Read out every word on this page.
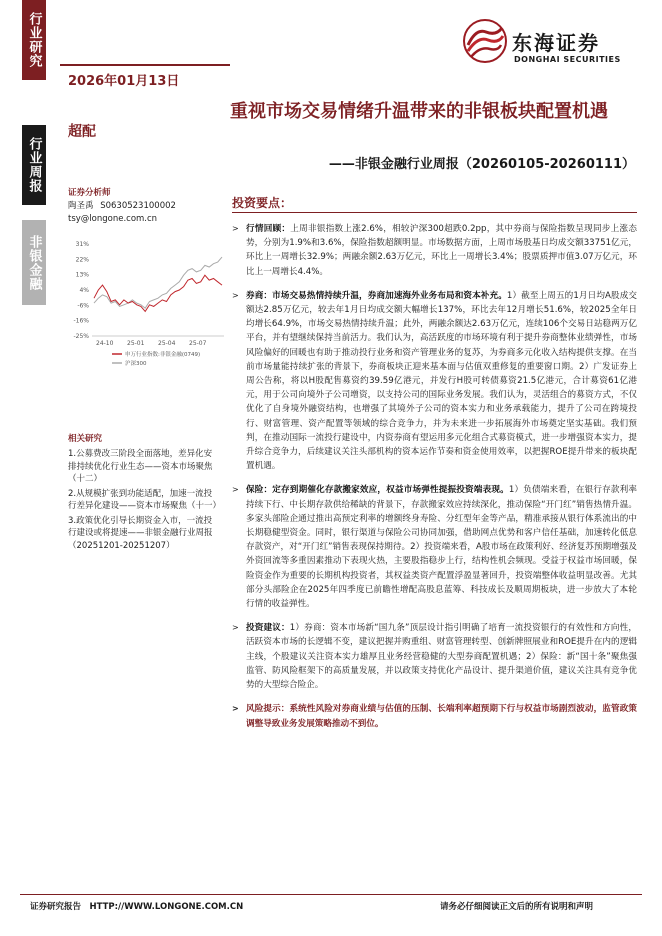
行业研究
行业周报
非银金融
东海证券
DONGHAI SECURITIES
2026年01月13日
超配
重视市场交易情绪升温带来的非银板块配置机遇
——非银金融行业周报（20260105-20260111）
证券分析师
陶圣禹 S0630523100002
tsy@longone.com.cn
31%
22%
13%
4%
-6%
-16%
-25%
24-10 25-01 25-04 25-07
申万行业指数:非银金融(0749)
沪深300
相关研究
1.公募费改三阶段全面落地，差异化安排持续优化行业生态——资本市场聚焦（十二）
2.从规模扩张到功能适配，加速一流投行差异化建设——资本市场聚焦（十一）
3.政策优化引导长期资金入市，一流投行建设或将提速——非银金融行业周报（20251201-20251207）
投资要点：
> 行情回顾：上周非银指数上涨2.6%，相较沪深300超跌0.2pp，其中券商与保险指数呈现同步上涨态势，分别为1.9%和3.6%，保险指数超额明显。市场数据方面，上周市场股基日均成交额33751亿元，环比上一周增长32.9%；两融余额2.63万亿元，环比上一周增长3.4%；股票质押市值3.07万亿元，环比上一周增长4.4%。
> 券商：市场交易热情持续升温，券商加速海外业务布局和资本补充。1）截至上周五的1月日均A股成交额达2.85万亿元，较去年1月日均成交额大幅增长137%，环比去年12月增长51.6%，较2025全年日均增长64.9%，市场交易热情持续升温；此外，两融余额达2.63万亿元，连续106个交易日站稳两万亿平台，并有望继续保持当前活力。我们认为，高活跃度的市场环境有利于提升券商整体业绩弹性，市场风险偏好的回暖也有助于推动投行业务和资产管理业务的复苏，为券商多元化收入结构提供支撑。在当前市场量能持续扩张的背景下，券商板块正迎来基本面与估值双重修复的重要窗口期。2）广发证券上周公告称，将以H股配售募资约39.59亿港元，并发行H股可转债募资21.5亿港元，合计募资61亿港元，用于公司向境外子公司增资，以支持公司的国际业务发展。我们认为，灵活组合的募资方式，不仅优化了自身境外融资结构，也增强了其境外子公司的资本实力和业务承载能力，提升了公司在跨境投行、财富管理、资产配置等领域的综合竞争力，并为未来进一步拓展海外市场奠定坚实基础。我们预判，在推动国际一流投行建设中，内资券商有望运用多元化组合式募资模式，进一步增强资本实力，提升综合竞争力，后续建议关注头部机构的资本运作节奏和资金使用效率，以把握ROE提升带来的板块配置机遇。
> 保险：定存到期催化存款搬家效应，权益市场弹性提振投资端表现。1）负债端来看，在银行存款利率持续下行、中长期存款供给稀缺的背景下，存款搬家效应持续深化，推动保险“开门红”销售热情升温。多家头部险企通过推出高预定利率的增额终身寿险、分红型年金等产品，精准承接从银行体系流出的中长期稳健型资金。同时，银行渠道与保险公司协同加强，借助网点优势和客户信任基础，加速转化低息存款资产，对“开门红”销售表现保持期待。2）投资端来看，A股市场在政策利好、经济复苏预期增强及外资回流等多重因素推动下表现火热，主要股指稳步上行，结构性机会频现。受益于权益市场回暖，保险资金作为重要的长期机构投资者，其权益类资产配置浮盈显著回升，投资端整体收益明显改善。尤其部分头部险企在2025年四季度已前瞻性增配高股息蓝筹、科技成长及顺周期板块，进一步放大了本轮行情的收益弹性。
> 投资建议：1）券商：资本市场新“国九条”顶层设计指引明确了培育一流投资银行的有效性和方向性，活跃资本市场的长逻辑不变，建议把握并购重组、财富管理转型、创新牌照展业和ROE提升在内的逻辑主线，个股建议关注资本实力雄厚且业务经营稳健的大型券商配置机遇；2）保险：新“国十条”聚焦强监管、防风险框架下的高质量发展，并以政策支持优化产品设计、提升渠道价值，建议关注具有竞争优势的大型综合险企。
> 风险提示：系统性风险对券商业绩与估值的压制、长端利率超预期下行与权益市场剧烈波动，监管政策调整导致业务发展策略推动不到位。
证券研究报告　HTTP://WWW.LONGONE.COM.CN	请务必仔细阅读正文后的所有说明和声明
